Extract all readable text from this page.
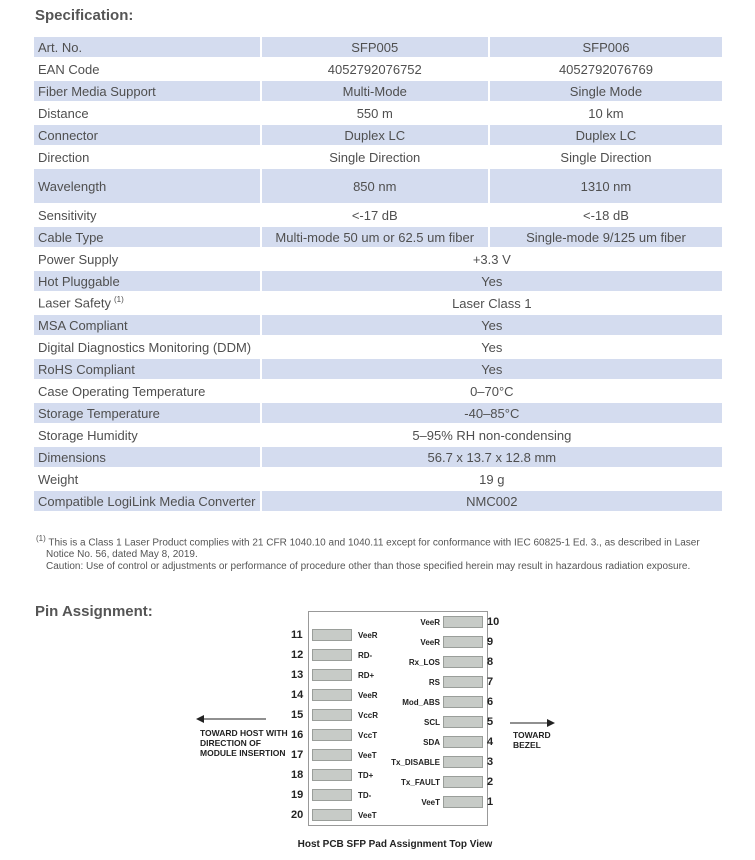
Specification:
Art. No.	SFP005	SFP006
EAN Code	4052792076752	4052792076769
Fiber Media Support	Multi-Mode	Single Mode
Distance	550 m	10 km
Connector	Duplex LC	Duplex LC
Direction	Single Direction	Single Direction
Wavelength	850 nm	1310 nm
Sensitivity	<-17 dB	<-18 dB
Cable Type	Multi-mode 50 um or 62.5 um fiber	Single-mode 9/125 um fiber
Power Supply	+3.3 V	
Hot Pluggable	Yes	
Laser Safety $^{(1)}$	Laser Class 1	
MSA Compliant	Yes	
Digital Diagnostics Monitoring (DDM)	Yes	
RoHS Compliant	Yes	
Case Operating Temperature	0–70°C	
Storage Temperature	-40–85°C	
Storage Humidity	5–95% RH non-condensing	
Dimensions	56.7 x 13.7 x 12.8 mm	
Weight	19 g	
Compatible LogiLink Media Converter	NMC002	

$^{(1)}$ This is a Class 1 Laser Product complies with 21 CFR 1040.10 and 1040.11 except for conformance with IEC 60825-1 Ed. 3., as described in Laser Notice No. 56, dated May 8, 2019.

Caution: Use of control or adjustments or performance of procedure other than those specified herein may result in hazardous radiation exposure.

Pin Assignment:
TOWARD HOST WITH DIRECTION OF MODULE INSERTION
TOWARD BEZEL
11	VeeR
12	RD-
13	RD+
14	VeeR
15	VccR
16	VccT
17	VeeT
18	TD+
19	TD-
20	VeeT
10
VeeR
9
VeeR
8
Rx_LOS
7
RS
6
Mod_ABS
5
SCL
4
SDA
3
Tx_DISABLE
2
Tx_FAULT
1
VeeT
Host PCB SFP Pad Assignment Top View
